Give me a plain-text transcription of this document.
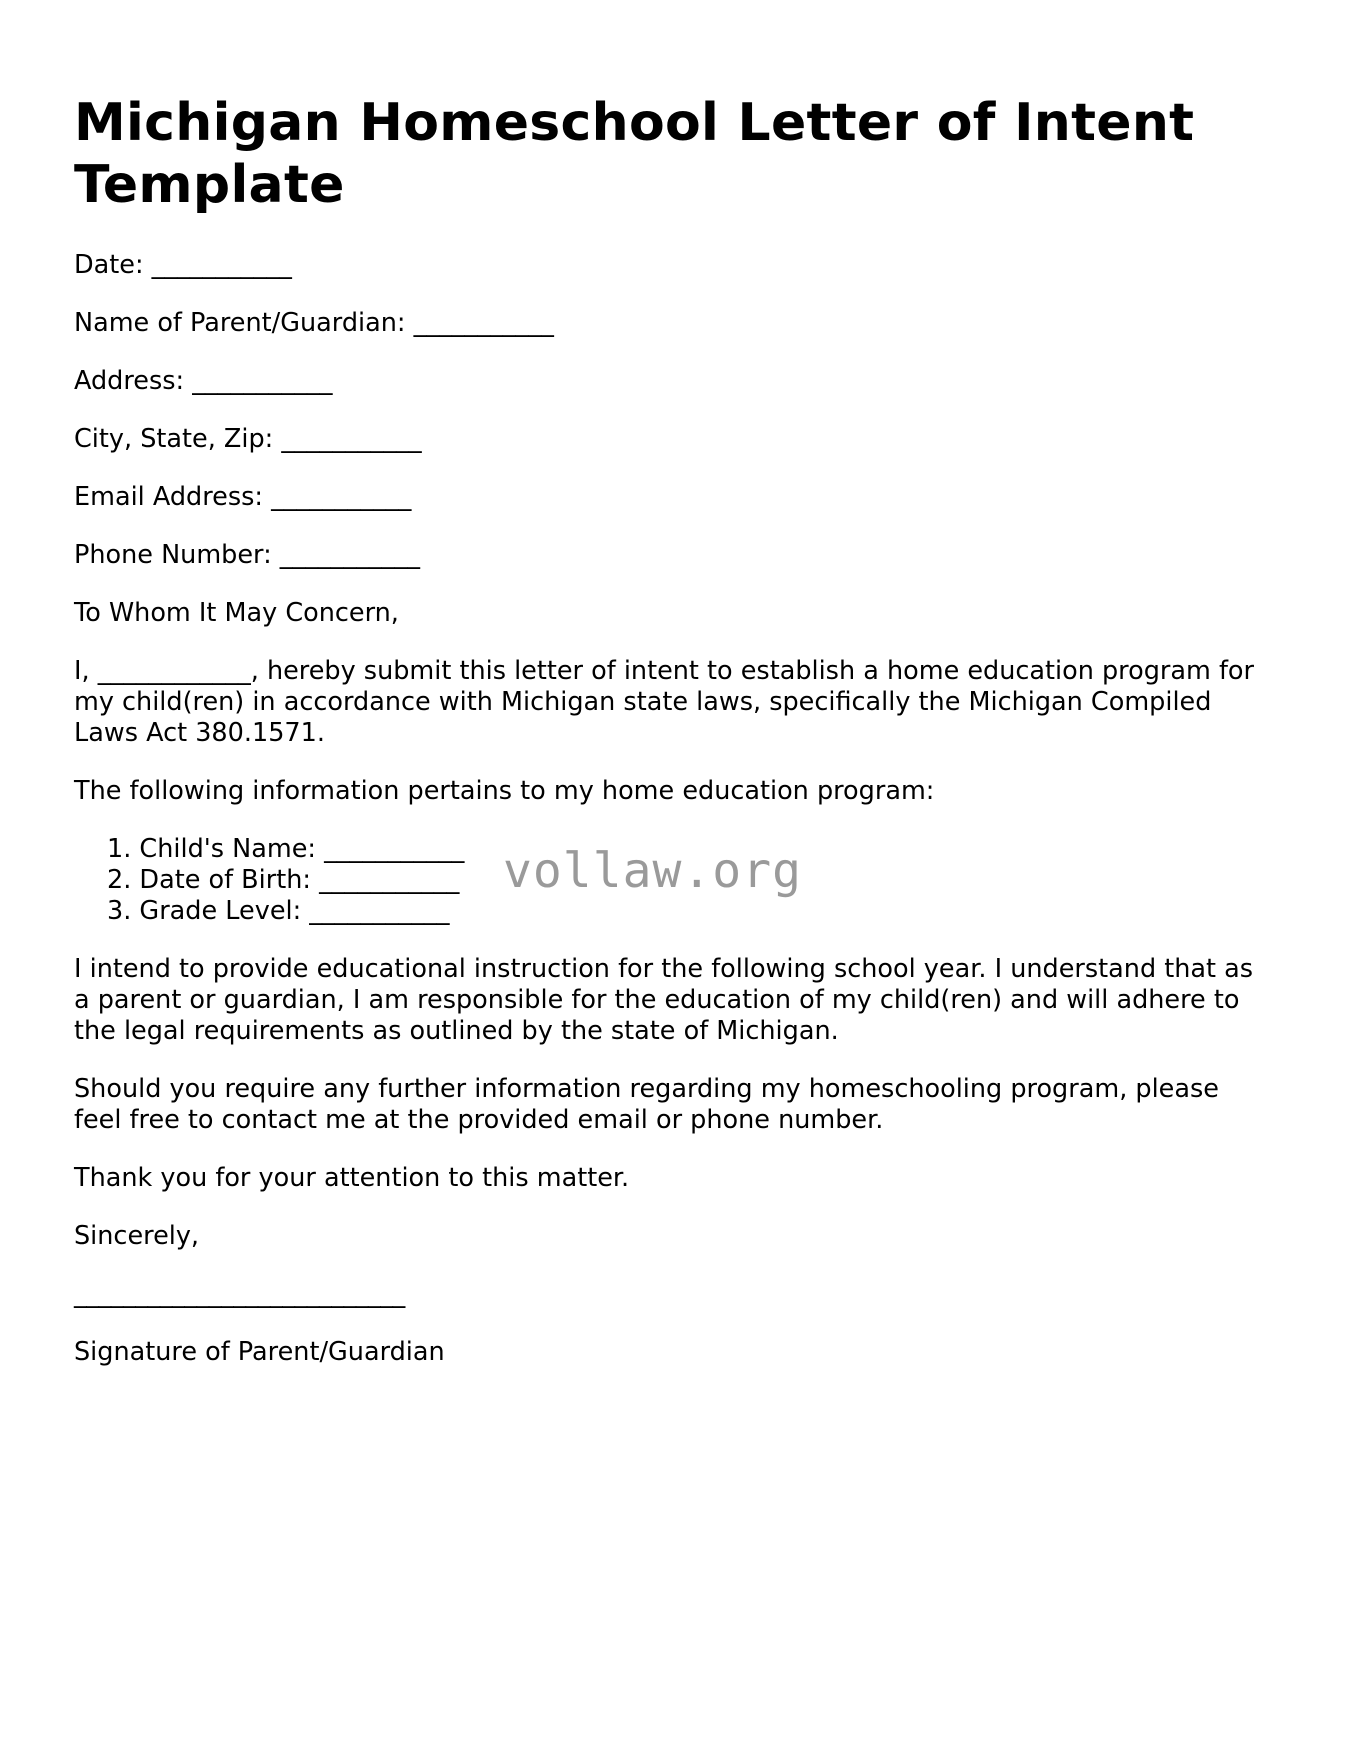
Michigan Homeschool Letter of Intent Template

Date: ___________

Name of Parent/Guardian: ___________

Address: ___________

City, State, Zip: ___________

Email Address: ___________

Phone Number: ___________

To Whom It May Concern,

I, ____________, hereby submit this letter of intent to establish a home education program for my child(ren) in accordance with Michigan state laws, specifically the Michigan Compiled Laws Act 380.1571.

The following information pertains to my home education program:

1. Child's Name: ___________
2. Date of Birth: ___________
3. Grade Level: ___________

I intend to provide educational instruction for the following school year. I understand that as a parent or guardian, I am responsible for the education of my child(ren) and will adhere to the legal requirements as outlined by the state of Michigan.

Should you require any further information regarding my homeschooling program, please feel free to contact me at the provided email or phone number.

Thank you for your attention to this matter.

Sincerely,

___________________________

Signature of Parent/Guardian

vollaw.org
